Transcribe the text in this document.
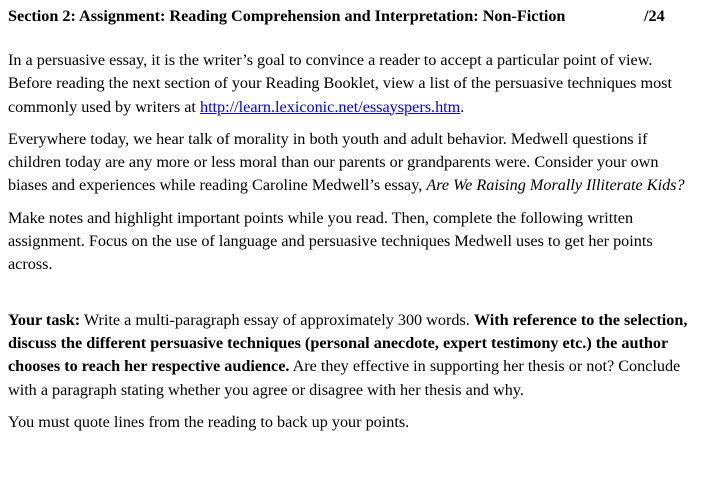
Section 2: Assignment: Reading Comprehension and Interpretation: Non-Fiction	/24

In a persuasive essay, it is the writer’s goal to convince a reader to accept a particular point of view. Before reading the next section of your Reading Booklet, view a list of the persuasive techniques most commonly used by writers at http://learn.lexiconic.net/essayspers.htm.

Everywhere today, we hear talk of morality in both youth and adult behavior. Medwell questions if children today are any more or less moral than our parents or grandparents were. Consider your own biases and experiences while reading Caroline Medwell’s essay, Are We Raising Morally Illiterate Kids?

Make notes and highlight important points while you read. Then, complete the following written assignment. Focus on the use of language and persuasive techniques Medwell uses to get her points across.

Your task: Write a multi-paragraph essay of approximately 300 words. With reference to the selection, discuss the different persuasive techniques (personal anecdote, expert testimony etc.) the author chooses to reach her respective audience. Are they effective in supporting her thesis or not? Conclude with a paragraph stating whether you agree or disagree with her thesis and why.

You must quote lines from the reading to back up your points.
